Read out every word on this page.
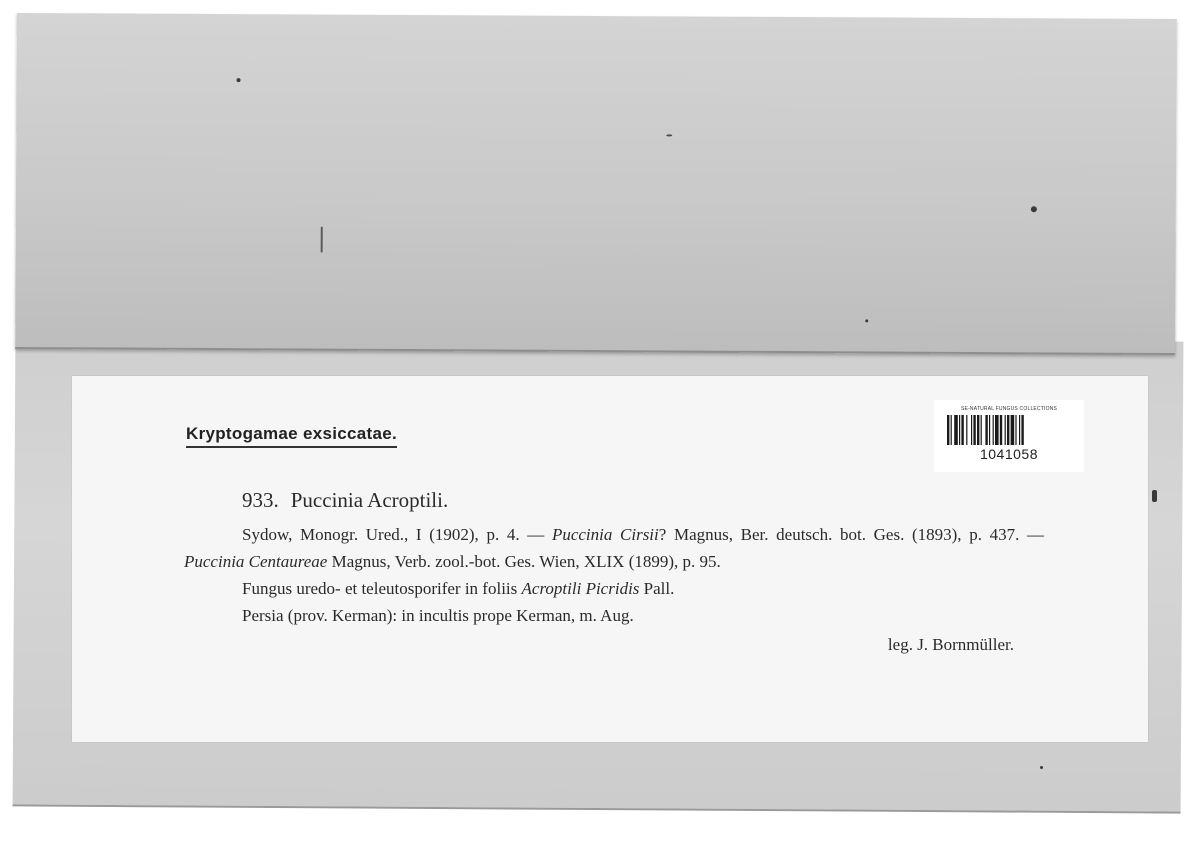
Kryptogamae exsiccatae.
SE-NATURAL FUNGUS COLLECTIONS
1041058
933. Puccinia Acroptili.

Sydow, Monogr. Ured., I (1902), p. 4. — Puccinia Cirsii? Magnus, Ber. deutsch. bot. Ges. (1893), p. 437. — Puccinia Centaureae Magnus, Verb. zool.-bot. Ges. Wien, XLIX (1899), p. 95.

Fungus uredo- et teleutosporifer in foliis Acroptili Picridis Pall.

Persia (prov. Kerman): in incultis prope Kerman, m. Aug.

leg. J. Bornmüller.
